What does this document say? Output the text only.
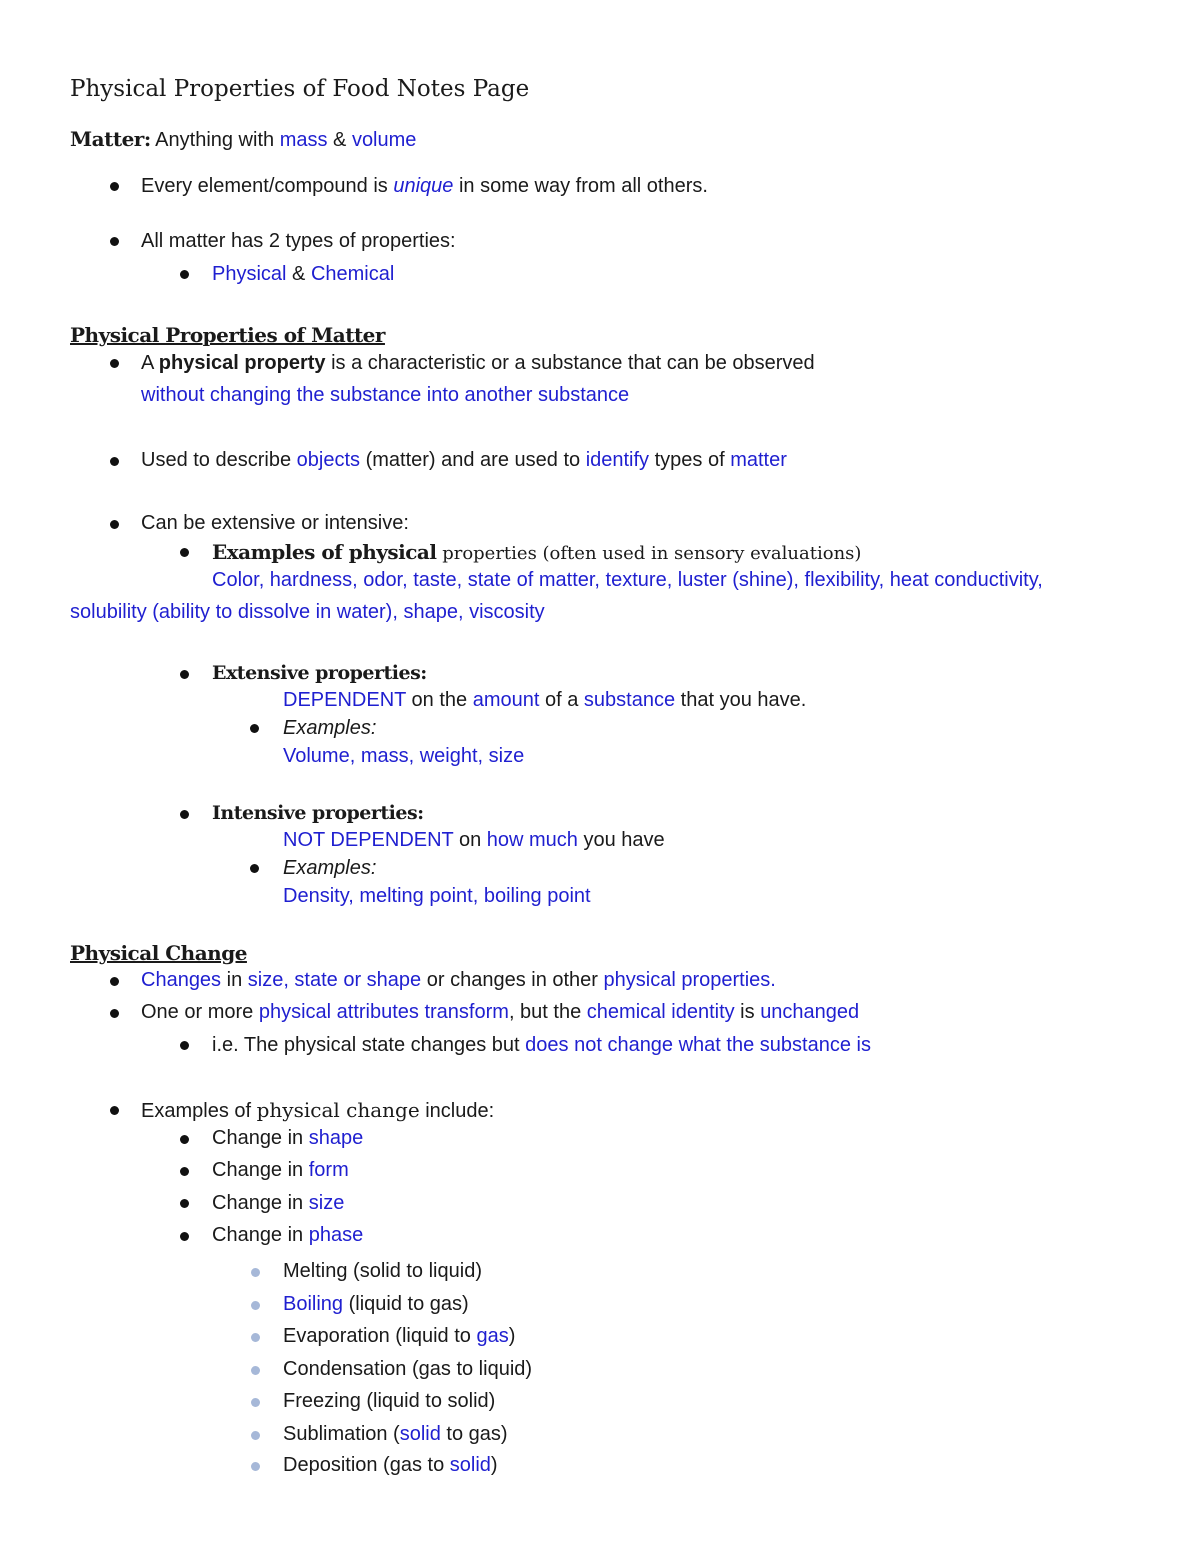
Physical Properties of Food Notes Page
Matter: Anything with mass & volume
Every element/compound is unique in some way from all others.
All matter has 2 types of properties:
Physical & Chemical
Physical Properties of Matter
A physical property is a characteristic or a substance that can be observed
without changing the substance into another substance
Used to describe objects (matter) and are used to identify types of matter
Can be extensive or intensive:
Examples of physical properties (often used in sensory evaluations)
Color, hardness, odor, taste, state of matter, texture, luster (shine), flexibility, heat conductivity,
solubility (ability to dissolve in water), shape, viscosity
Extensive properties:
DEPENDENT on the amount of a substance that you have.
Examples:
Volume, mass, weight, size
Intensive properties:
NOT DEPENDENT on how much you have
Examples:
Density, melting point, boiling point
Physical Change
Changes in size, state or shape or changes in other physical properties.
One or more physical attributes transform, but the chemical identity is unchanged
i.e. The physical state changes but does not change what the substance is
Examples of physical change include:
Change in shape
Change in form
Change in size
Change in phase
Melting (solid to liquid)
Boiling (liquid to gas)
Evaporation (liquid to gas)
Condensation (gas to liquid)
Freezing (liquid to solid)
Sublimation (solid to gas)
Deposition (gas to solid)
